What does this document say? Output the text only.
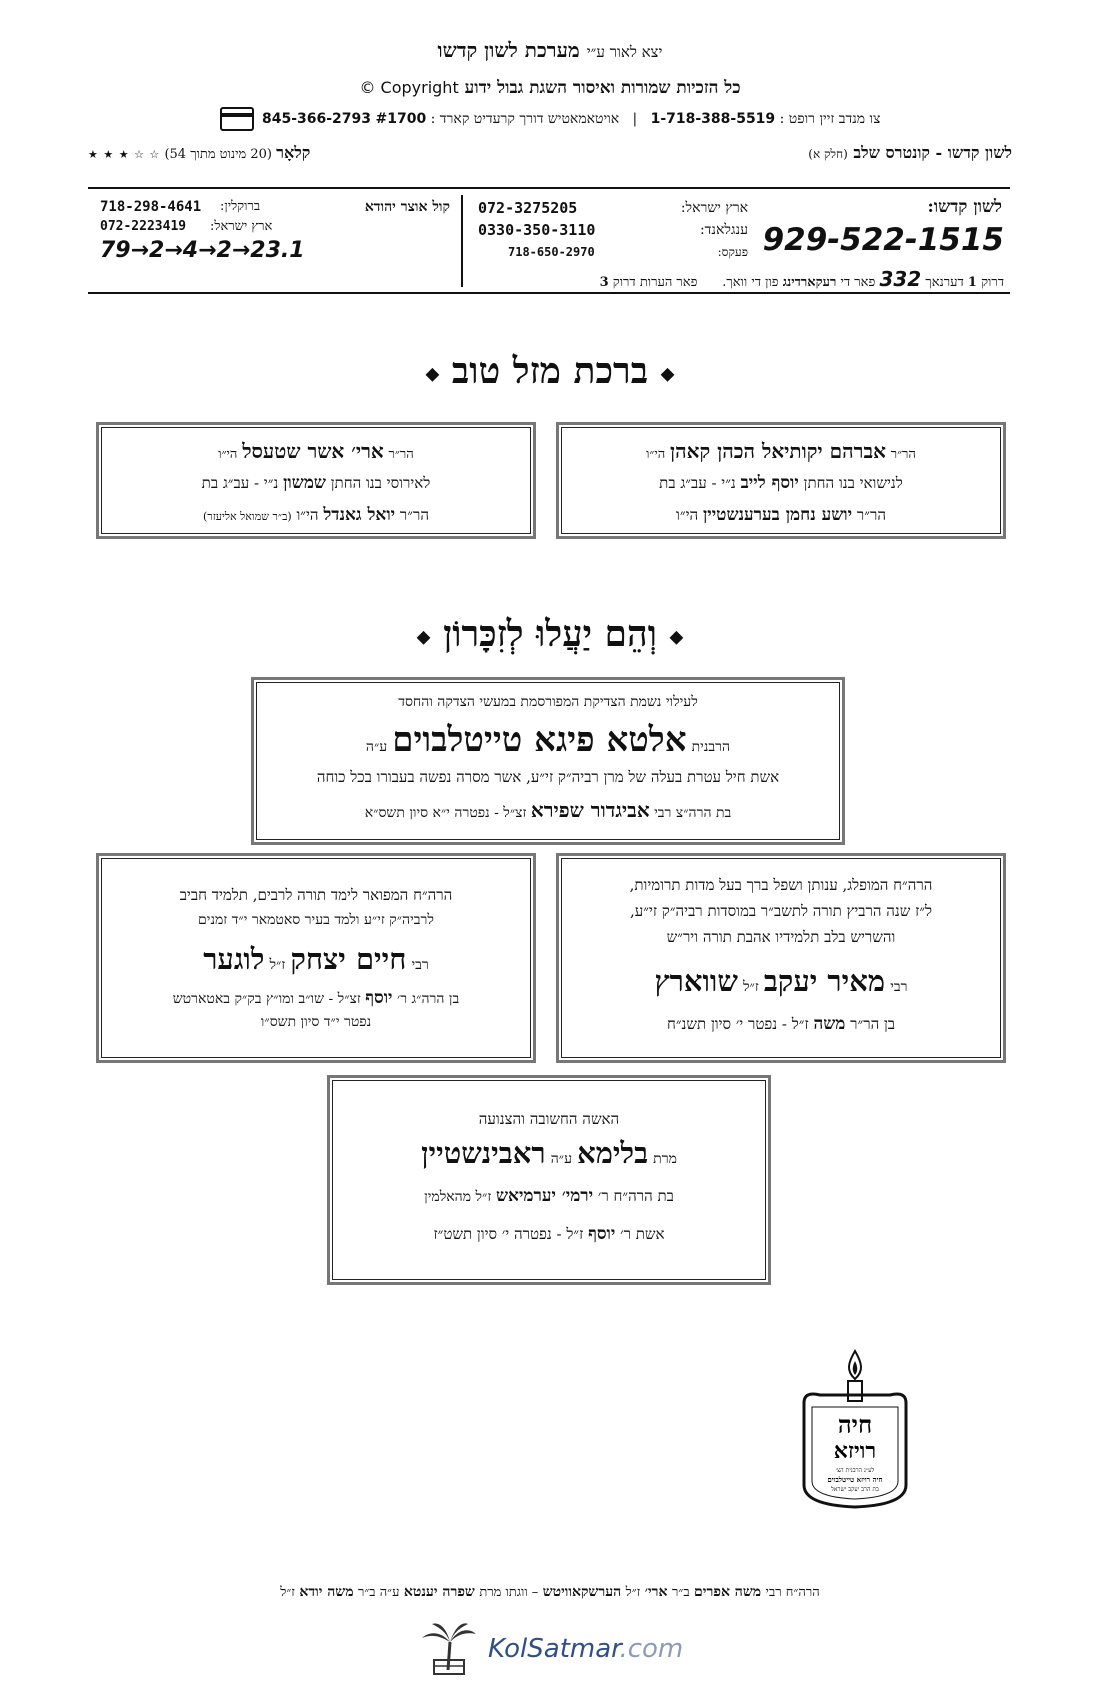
יצא לאור ע״י מערכת לשון קדשו
כל הזכיות שמורות ואיסור השגת גבול ידוע Copyright ©
צו מנדב זיין רופט : 1-718-388-5519   |   אויטאמאטיש דורך קרעדיט קארד : #1700 845-366-2793
לשון קדשו - קונטרס שלב (חלק א)
קלאָר (20 מינוט מתוך 54) ★ ★ ★ ☆ ☆
לשון קדשו:
929-522-1515
ארץ ישראל:
072-3275205
ענגלאנד:
0330-350-3110
פעקס:
718-650-2970
קול אוצר יהודא
ברוקלין:
718-298-4641
ארץ ישראל:
072-2223419
79→2→4→2→23.1
דרוק 1 דערנאך 332 פאר די רעקארדינג פון די וואך.      פאר הערות דרוק 3
◆ ברכת מזל טוב ◆
הר״ר אברהם יקותיאל הכהן קאהן הי״ו
לנישואי בנו החתן יוסף לייב נ״י - עב״ג בת
הר״ר יושע נחמן בערענשטיין הי״ו
הר״ר ארי׳ אשר שטעסל הי״ו
לאירוסי בנו החתן שמשון נ״י - עב״ג בת
הר״ר יואל גאנדל הי״ו (ב״ר שמואל אליעזר)
◆ וְהֵם יַעֲלוּ לְזִכָּרוֹן ◆
לעילוי נשמת הצדיקת המפורסמת במעשי הצדקה והחסד
הרבנית אלטא פיגא טייטלבוים ע״ה
אשת חיל עטרת בעלה של מרן רביה״ק זי״ע, אשר מסרה נפשה בעבורו בכל כוחה
בת הרה״צ רבי אביגדור שפירא זצ״ל - נפטרה י״א סיון תשס״א
הרה״ח המופלג, ענותן ושפל ברך בעל מדות תרומיות,
ל״ז שנה הרביץ תורה לתשב״ר במוסדות רביה״ק זי״ע,
והשריש בלב תלמידיו אהבת תורה ויר״ש
רבי מאיר יעקב ז״ל שווארץ
בן הר״ר משה ז״ל - נפטר י׳ סיון תשנ״ח
הרה״ח המפואר לימד תורה לרבים, תלמיד חביב
לרביה״ק זי״ע ולמד בעיר סאטמאר י״ד זמנים
רבי חיים יצחק ז״ל לוגער
בן הרה״ג ר׳ יוסף זצ״ל - שו״ב ומו״ץ בק״ק באטארטש
נפטר י״ד סיון תשס״ו
האשה החשובה והצנועה
מרת בלימא ע״ה ראבינשטיין
בת הרה״ח ר׳ ירמי׳ יערמיאש ז״ל מהאלמין
אשת ר׳ יוסף ז״ל - נפטרה י׳ סיון תשט״ז
חיה
רויזא
לע״נ הרבנית הצ׳
חיה רויזא טייטלבוים
בת הרב יעקב ישראל
הרה״ח רבי משה אפרים ב״ר ארי׳ ז״ל הערשקאוויטש – ווגתו מרת שפרה יענטא ע״ה ב״ר משה יודא ז״ל
KolSatmar.com
